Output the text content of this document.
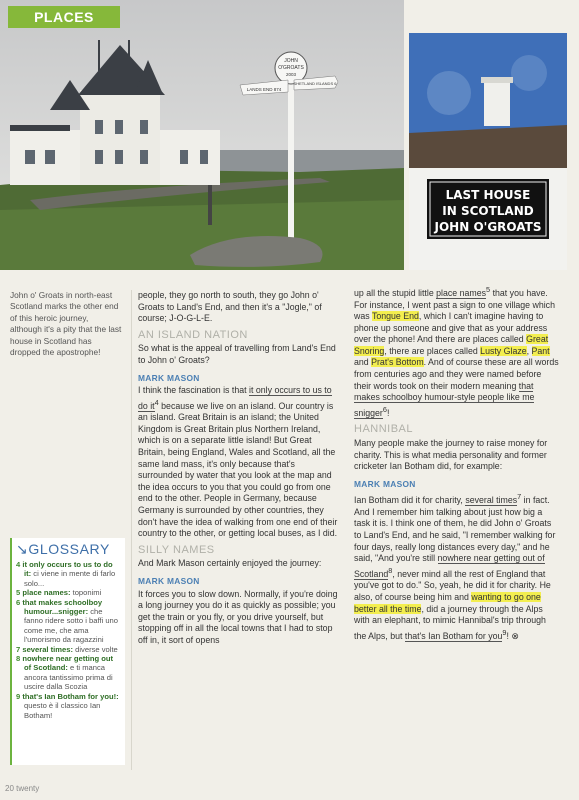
PLACES
JOHN
O'GROATS
2003
LANDS END 874
SHETLAND ISLANDS 6
LAST HOUSE
IN SCOTLAND
JOHN O'GROATS
John o' Groats in north-east Scotland marks the other end of this heroic journey, although it's a pity that the last house in Scotland has dropped the apostrophe!
↘GLOSSARY
4 it only occurs to us to do it: ci viene in mente di farlo solo...
5 place names: toponimi
6 that makes schoolboy humour...snigger: che fanno ridere sotto i baffi uno come me, che ama l'umorismo da ragazzini
7 several times: diverse volte
8 nowhere near getting out of Scotland: e ti manca ancora tantissimo prima di uscire dalla Scozia
9 that's Ian Botham for you!: questo è il classico Ian Botham!

people, they go north to south, they go John o' Groats to Land's End, and then it's a "Jogle," of course; J-O-G-L-E.

AN ISLAND NATION

So what is the appeal of travelling from Land's End to John o' Groats?

MARK MASON

I think the fascination is that it only occurs to us to do $it^4$ because we live on an island. Our country is an island. Great Britain is an island; the United Kingdom is Great Britain plus Northern Ireland, which is on a separate little island! But Great Britain, being England, Wales and Scotland, all the same land mass, it's only because that's surrounded by water that you look at the map and the idea occurs to you that you could go from one end to the other. People in Germany, because Germany is surrounded by other countries, they don't have the idea of walking from one end of their country to the other, or getting local buses, as I did.

SILLY NAMES

And Mark Mason certainly enjoyed the journey:

MARK MASON

It forces you to slow down. Normally, if you're doing a long journey you do it as quickly as possible; you get the train or you fly, or you drive yourself, but stopping off in all the local towns that I had to stop off in, it sort of opens

up all the stupid little place names$^5$ that you have. For instance, I went past a sign to one village which was Tongue End, which I can't imagine having to phone up someone and give that as your address over the phone! And there are places called Great Snoring, there are places called Lusty Glaze, Pant and Prat's Bottom. And of course these are all words from centuries ago and they were named before their words took on their modern meaning that makes schoolboy humour-style people like me snigger$^6$!

HANNIBAL

Many people make the journey to raise money for charity. This is what media personality and former cricketer Ian Botham did, for example:

MARK MASON

Ian Botham did it for charity, several times$^7$ in fact. And I remember him talking about just how big a task it is. I think one of them, he did John o' Groats to Land's End, and he said, "I remember walking for four days, really long distances every day," and he said, "And you're still nowhere near getting out of Scotland$^8$, never mind all the rest of England that you've got to do." So, yeah, he did it for charity. He also, of course being him and wanting to go one better all the time, did a journey through the Alps with an elephant, to mimic Hannibal's trip through the Alps, but that's Ian Botham for you$^9$! ⊗

20 twenty
